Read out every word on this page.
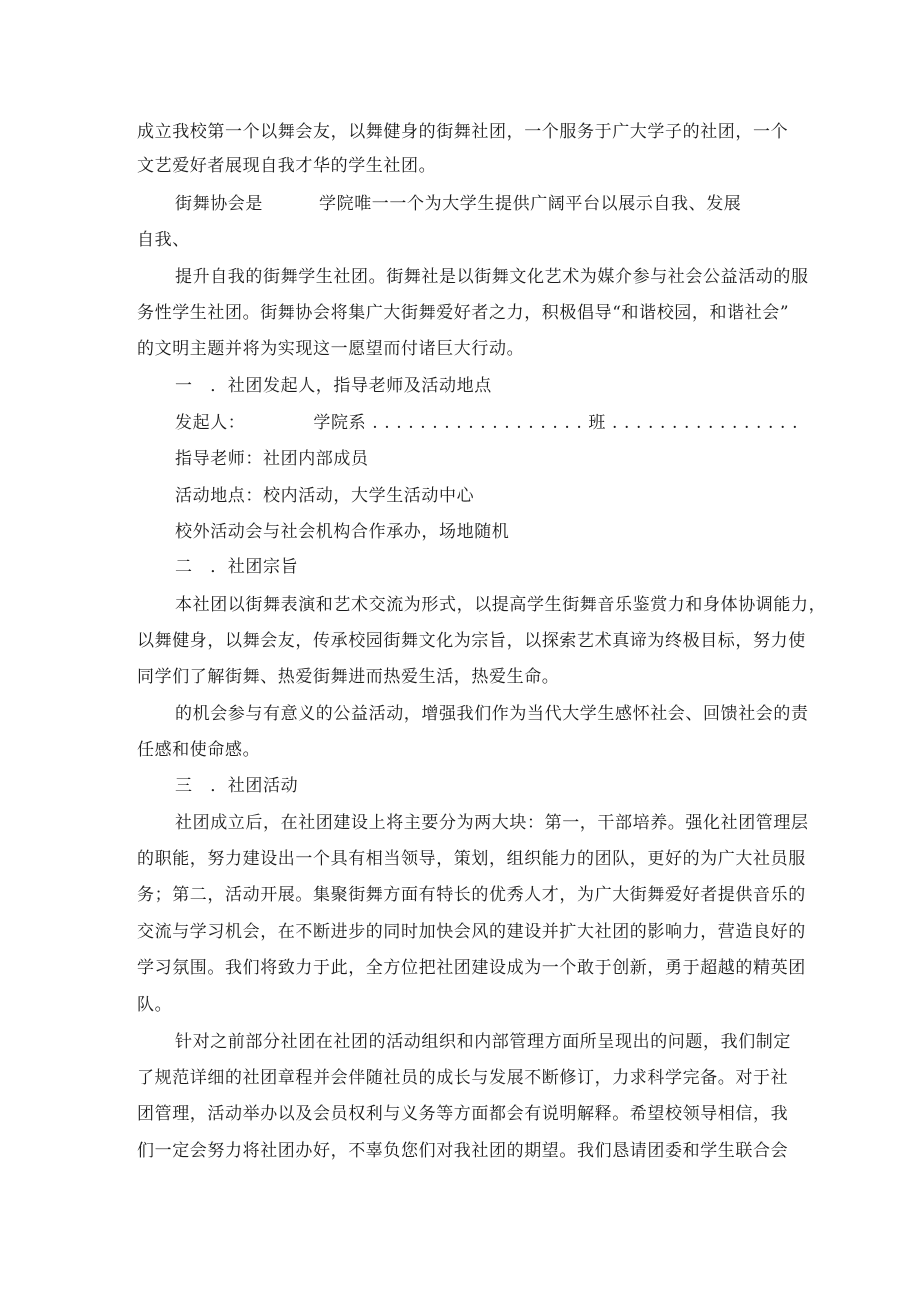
成立我校第一个以舞会友，以舞健身的街舞社团，一个服务于广大学子的社团，一个
文艺爱好者展现自我才华的学生社团。
街舞协会是	学院唯一一个为大学生提供广阔平台以展示自我、发展
自我、
提升自我的街舞学生社团。街舞社是以街舞文化艺术为媒介参与社会公益活动的服
务性学生社团。街舞协会将集广大街舞爱好者之力，积极倡导“和谐校园，和谐社会”
的文明主题并将为实现这一愿望而付诸巨大行动。
一　．社团发起人，指导老师及活动地点
发起人：	学院系 . . . . . . . . . . . . . . . . . . 班 . . . . . . . . . . . . . . . .
指导老师：社团内部成员
活动地点：校内活动，大学生活动中心
校外活动会与社会机构合作承办，场地随机
二　．社团宗旨
本社团以街舞表演和艺术交流为形式，以提高学生街舞音乐鉴赏力和身体协调能力，
以舞健身，以舞会友，传承校园街舞文化为宗旨，以探索艺术真谛为终极目标，努力使
同学们了解街舞、热爱街舞进而热爱生活，热爱生命。
的机会参与有意义的公益活动，增强我们作为当代大学生感怀社会、回馈社会的责
任感和使命感。
三　．社团活动
社团成立后，在社团建设上将主要分为两大块：第一，干部培养。强化社团管理层
的职能，努力建设出一个具有相当领导，策划，组织能力的团队，更好的为广大社员服
务；第二，活动开展。集聚街舞方面有特长的优秀人才，为广大街舞爱好者提供音乐的
交流与学习机会，在不断进步的同时加快会风的建设并扩大社团的影响力，营造良好的
学习氛围。我们将致力于此，全方位把社团建设成为一个敢于创新，勇于超越的精英团
队。
针对之前部分社团在社团的活动组织和内部管理方面所呈现出的问题，我们制定
了规范详细的社团章程并会伴随社员的成长与发展不断修订，力求科学完备。对于社
团管理，活动举办以及会员权利与义务等方面都会有说明解释。希望校领导相信，我
们一定会努力将社团办好，不辜负您们对我社团的期望。我们恳请团委和学生联合会
